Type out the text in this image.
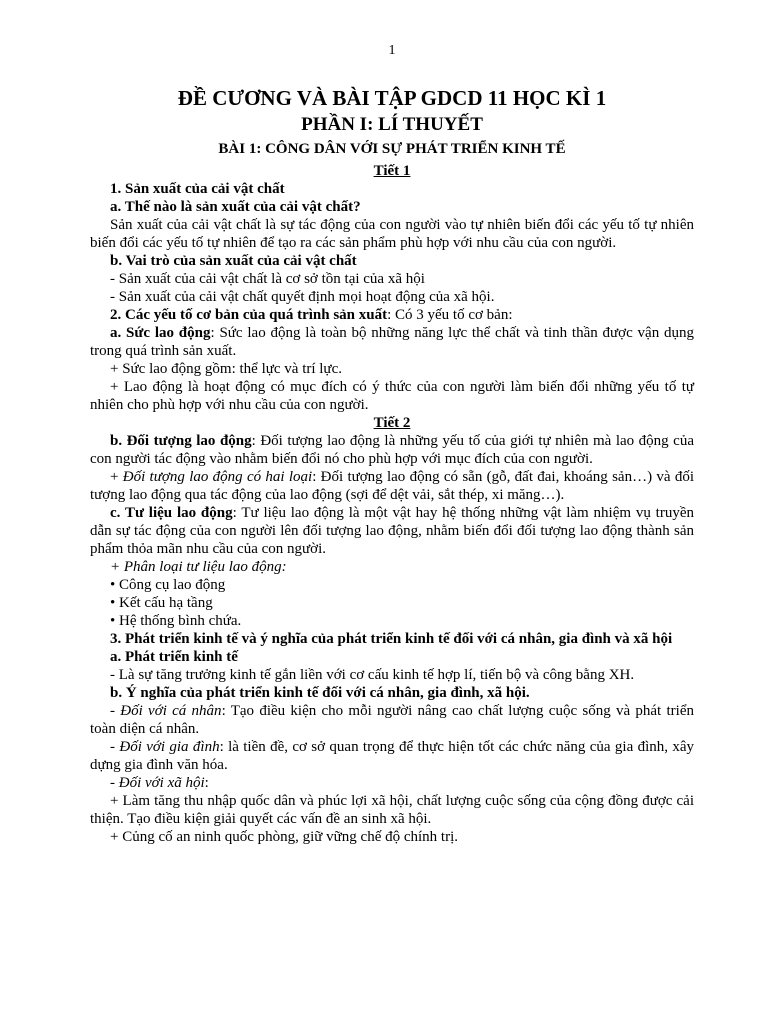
1
ĐỀ CƯƠNG VÀ BÀI TẬP GDCD 11 HỌC KÌ 1
PHẦN I: LÍ THUYẾT
BÀI 1: CÔNG DÂN VỚI SỰ PHÁT TRIỂN KINH TẾ
Tiết 1

1. Sản xuất của cải vật chất

a. Thế nào là sản xuất của cải vật chất?

Sản xuất của cải vật chất là sự tác động của con người vào tự nhiên biến đổi các yếu tố tự nhiên biến đổi các yếu tố tự nhiên để tạo ra các sản phẩm phù hợp với nhu cầu của con người.

b. Vai trò của sản xuất của cải vật chất

- Sản xuất của cải vật chất là cơ sở tồn tại của xã hội

- Sản xuất của cải vật chất quyết định mọi hoạt động của xã hội.

2. Các yếu tố cơ bản của quá trình sản xuất: Có 3 yếu tố cơ bản:

a. Sức lao động: Sức lao động là toàn bộ những năng lực thể chất và tinh thần được vận dụng trong quá trình sản xuất.

+ Sức lao động gồm: thể lực và trí lực.

+ Lao động là hoạt động có mục đích có ý thức của con người làm biến đổi những yếu tố tự nhiên cho phù hợp với nhu cầu của con người.

Tiết 2

b. Đối tượng lao động: Đối tượng lao động là những yếu tố của giới tự nhiên mà lao động của con người tác động vào nhằm biến đổi nó cho phù hợp với mục đích của con người.

+ Đối tượng lao động có hai loại: Đối tượng lao động có sẵn (gỗ, đất đai, khoáng sản…) và đối tượng lao động qua tác động của lao động (sợi để dệt vải, sắt thép, xi măng…).

c. Tư liệu lao động: Tư liệu lao động là một vật hay hệ thống những vật làm nhiệm vụ truyền dẫn sự tác động của con người lên đối tượng lao động, nhằm biến đổi đối tượng lao động thành sản phẩm thỏa mãn nhu cầu của con người.

+ Phân loại tư liệu lao động:

• Công cụ lao động

• Kết cấu hạ tầng

• Hệ thống bình chứa.

3. Phát triển kinh tế và ý nghĩa của phát triển kinh tế đối với cá nhân, gia đình và xã hội

a. Phát triển kinh tế

- Là sự tăng trưởng kinh tế gắn liền với cơ cấu kinh tế hợp lí, tiến bộ và công bằng XH.

b. Ý nghĩa của phát triển kinh tế đối với cá nhân, gia đình, xã hội.

- Đối với cá nhân: Tạo điều kiện cho mỗi người nâng cao chất lượng cuộc sống và phát triển toàn diện cá nhân.

- Đối với gia đình: là tiền đề, cơ sở quan trọng để thực hiện tốt các chức năng của gia đình, xây dựng gia đình văn hóa.

- Đối với xã hội:

+ Làm tăng thu nhập quốc dân và phúc lợi xã hội, chất lượng cuộc sống của cộng đồng được cải thiện. Tạo điều kiện giải quyết các vấn đề an sinh xã hội.

+ Củng cố an ninh quốc phòng, giữ vững chế độ chính trị.
